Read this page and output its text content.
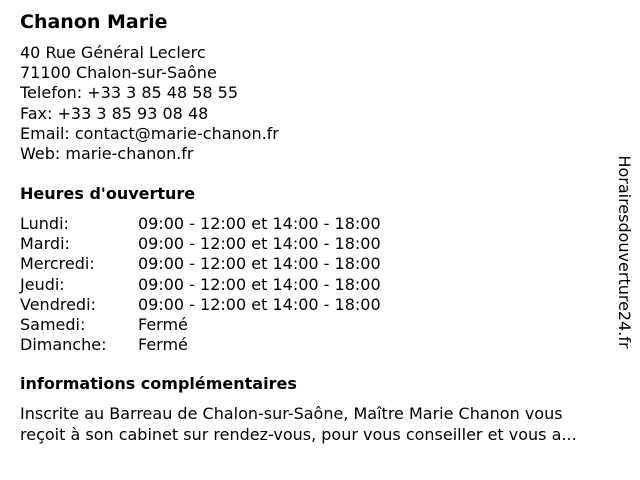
Chanon Marie
40 Rue Général Leclerc
71100 Chalon-sur-Saône
Telefon: +33 3 85 48 58 55
Fax: +33 3 85 93 08 48
Email: contact@marie-chanon.fr
Web: marie-chanon.fr
Heures d'ouverture
Lundi:	09:00 - 12:00 et 14:00 - 18:00
Mardi:	09:00 - 12:00 et 14:00 - 18:00
Mercredi:	09:00 - 12:00 et 14:00 - 18:00
Jeudi:	09:00 - 12:00 et 14:00 - 18:00
Vendredi:	09:00 - 12:00 et 14:00 - 18:00
Samedi:	Fermé
Dimanche:	Fermé
informations complémentaires
Inscrite au Barreau de Chalon-sur-Saône, Maître Marie Chanon vous
reçoit à son cabinet sur rendez-vous, pour vous conseiller et vous a...
Horairesdouverture24.fr
